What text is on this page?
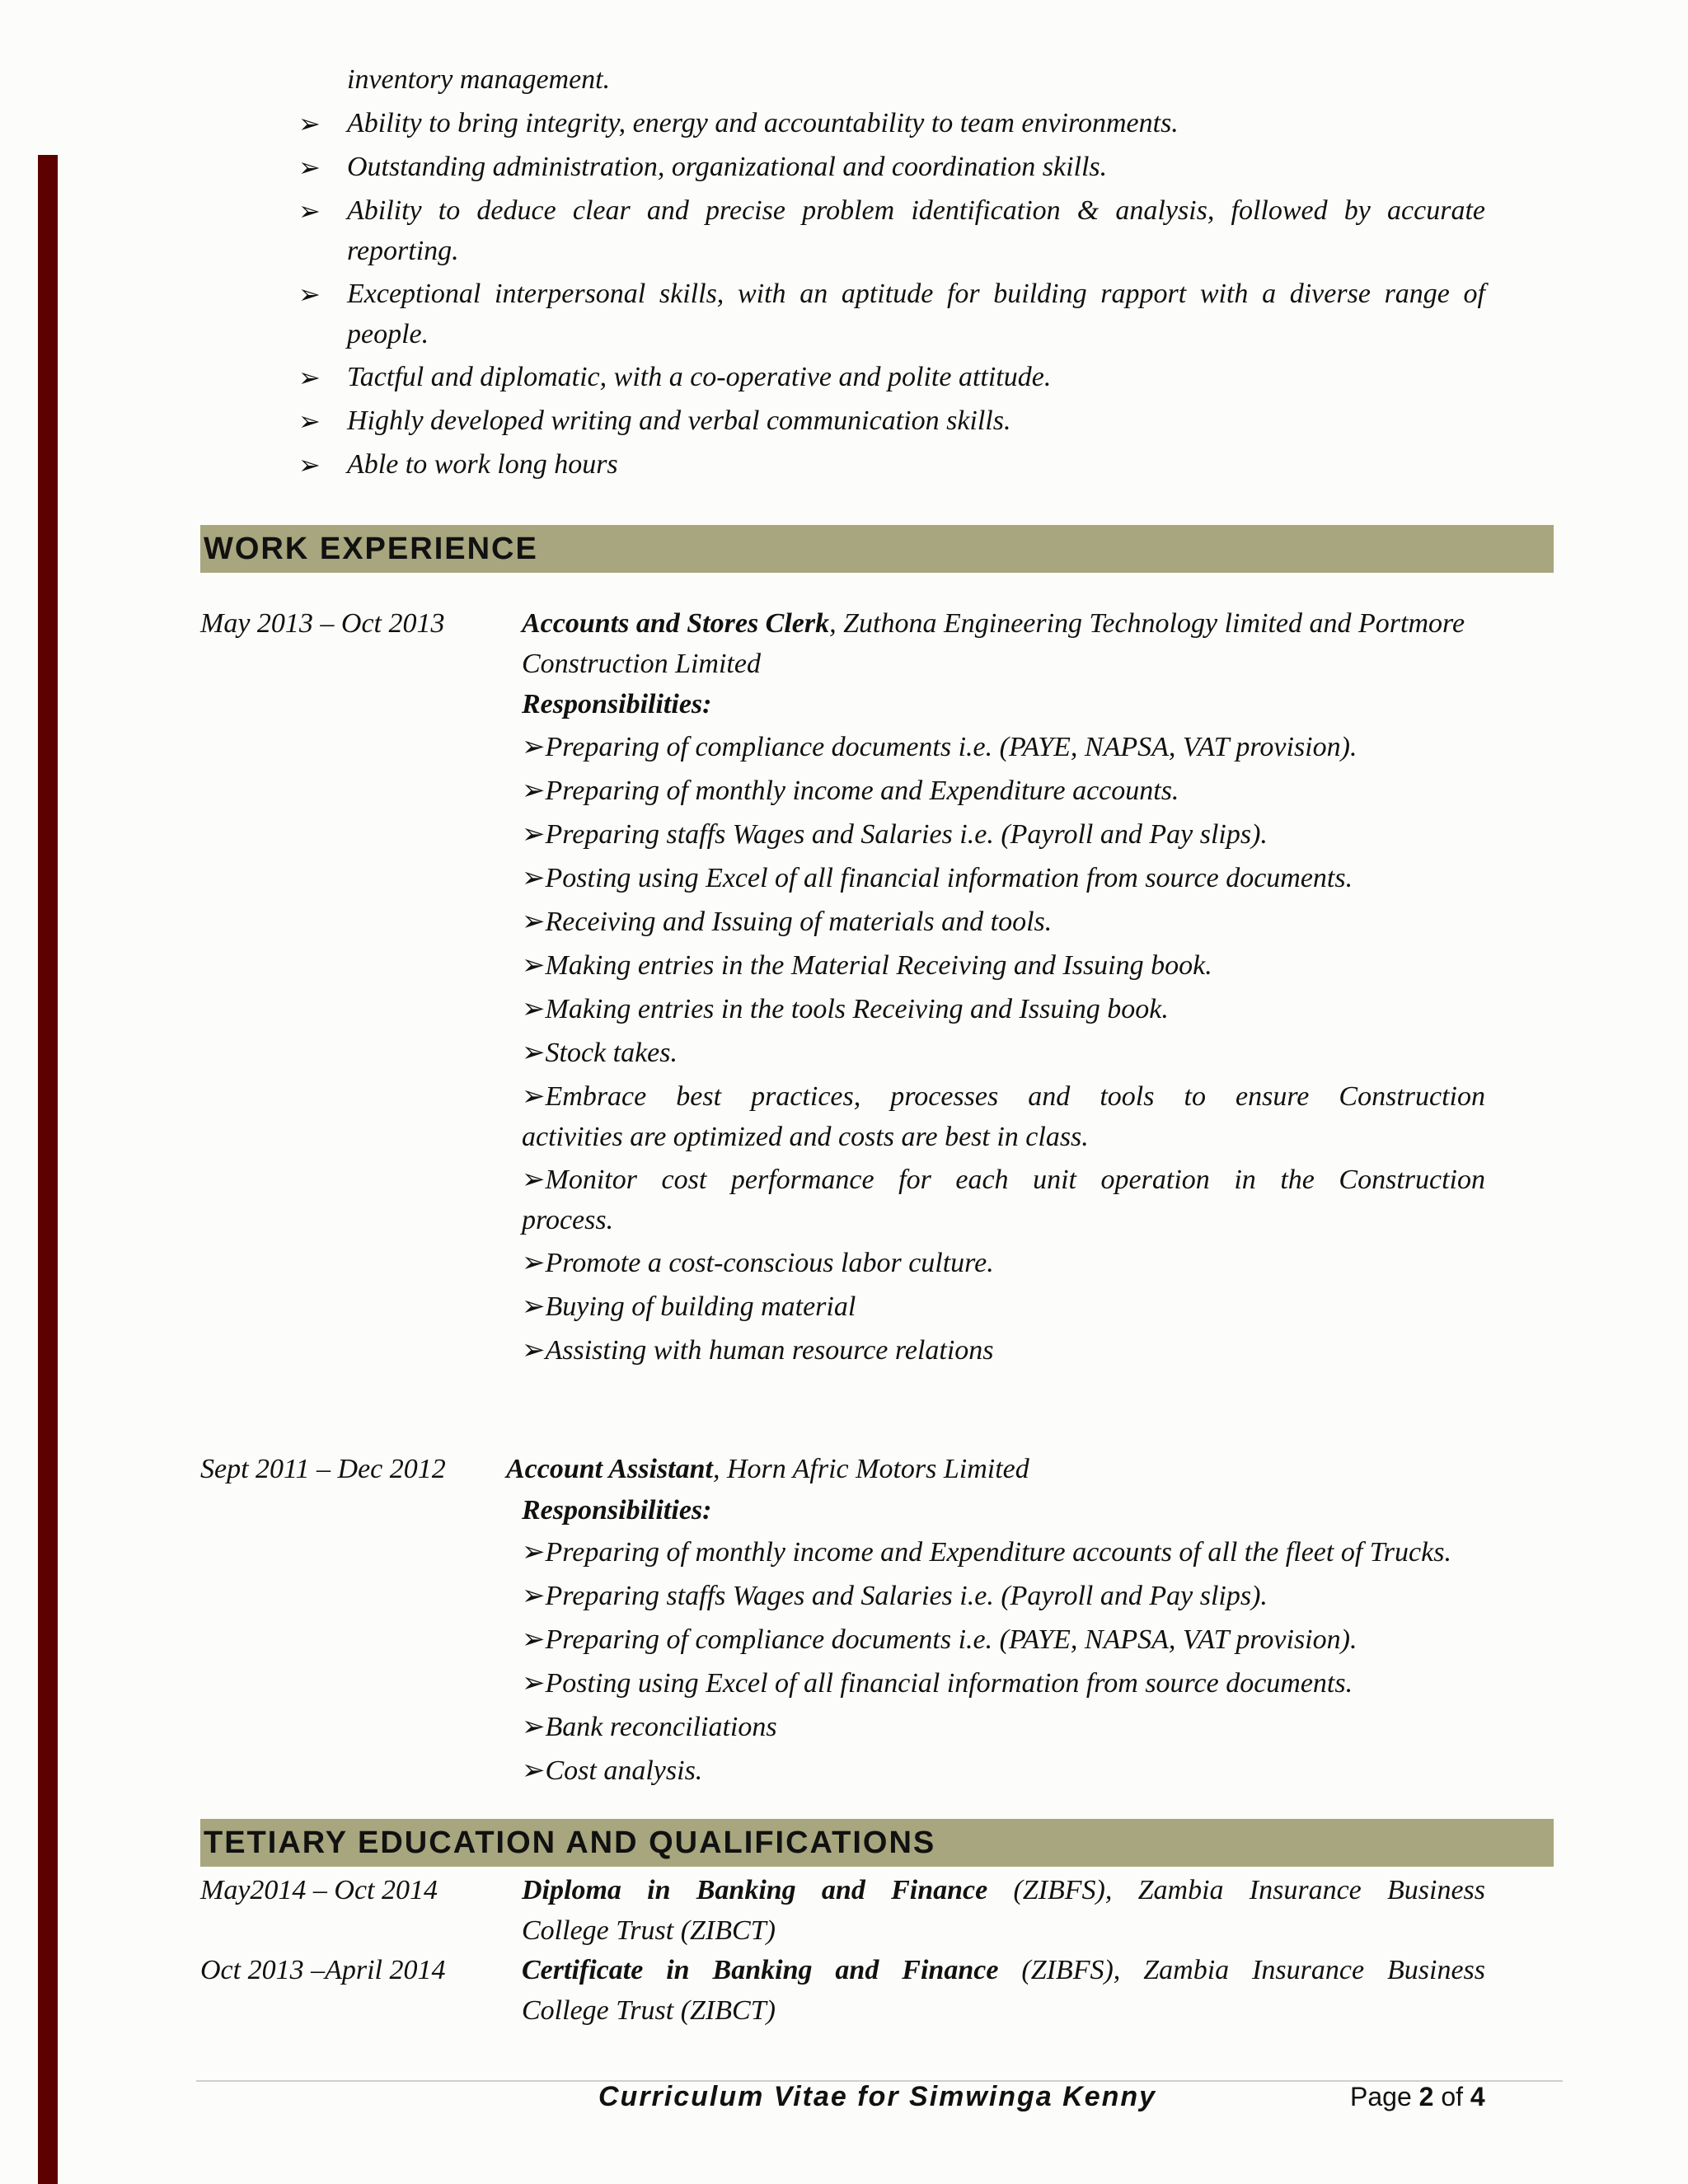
inventory management.
➢ Ability to bring integrity, energy and accountability to team environments.
➢ Outstanding administration, organizational and coordination skills.
➢ Ability to deduce clear and precise problem identification & analysis, followed by accurate
reporting.
➢ Exceptional interpersonal skills, with an aptitude for building rapport with a diverse range of
people.
➢ Tactful and diplomatic, with a co-operative and polite attitude.
➢ Highly developed writing and verbal communication skills.
➢ Able to work long hours
WORK EXPERIENCE
May 2013 – Oct 2013	Accounts and Stores Clerk, Zuthona Engineering Technology limited and Portmore
Construction Limited
Responsibilities:
➢Preparing of compliance documents i.e. (PAYE, NAPSA, VAT provision).
➢Preparing of monthly income and Expenditure accounts.
➢Preparing staffs Wages and Salaries i.e. (Payroll and Pay slips).
➢Posting using Excel of all financial information from source documents.
➢Receiving and Issuing of materials and tools.
➢Making entries in the Material Receiving and Issuing book.
➢Making entries in the tools Receiving and Issuing book.
➢Stock takes.
➢Embrace best practices, processes and tools to ensure Construction
activities are optimized and costs are best in class.
➢Monitor cost performance for each unit operation in the Construction
process.
➢Promote a cost-conscious labor culture.
➢Buying of building material
➢Assisting with human resource relations
Sept 2011 – Dec 2012 Account Assistant, Horn Afric Motors Limited
Responsibilities:
➢Preparing of monthly income and Expenditure accounts of all the fleet of Trucks.
➢Preparing staffs Wages and Salaries i.e. (Payroll and Pay slips).
➢Preparing of compliance documents i.e. (PAYE, NAPSA, VAT provision).
➢Posting using Excel of all financial information from source documents.
➢Bank reconciliations
➢Cost analysis.
TETIARY EDUCATION AND QUALIFICATIONS
May2014 – Oct 2014	Diploma in Banking and Finance (ZIBFS), Zambia Insurance Business
College Trust (ZIBCT)
Oct 2013 –April 2014	Certificate in Banking and Finance (ZIBFS), Zambia Insurance Business
College Trust (ZIBCT)
Curriculum Vitae for Simwinga Kenny	Page 2 of 4
